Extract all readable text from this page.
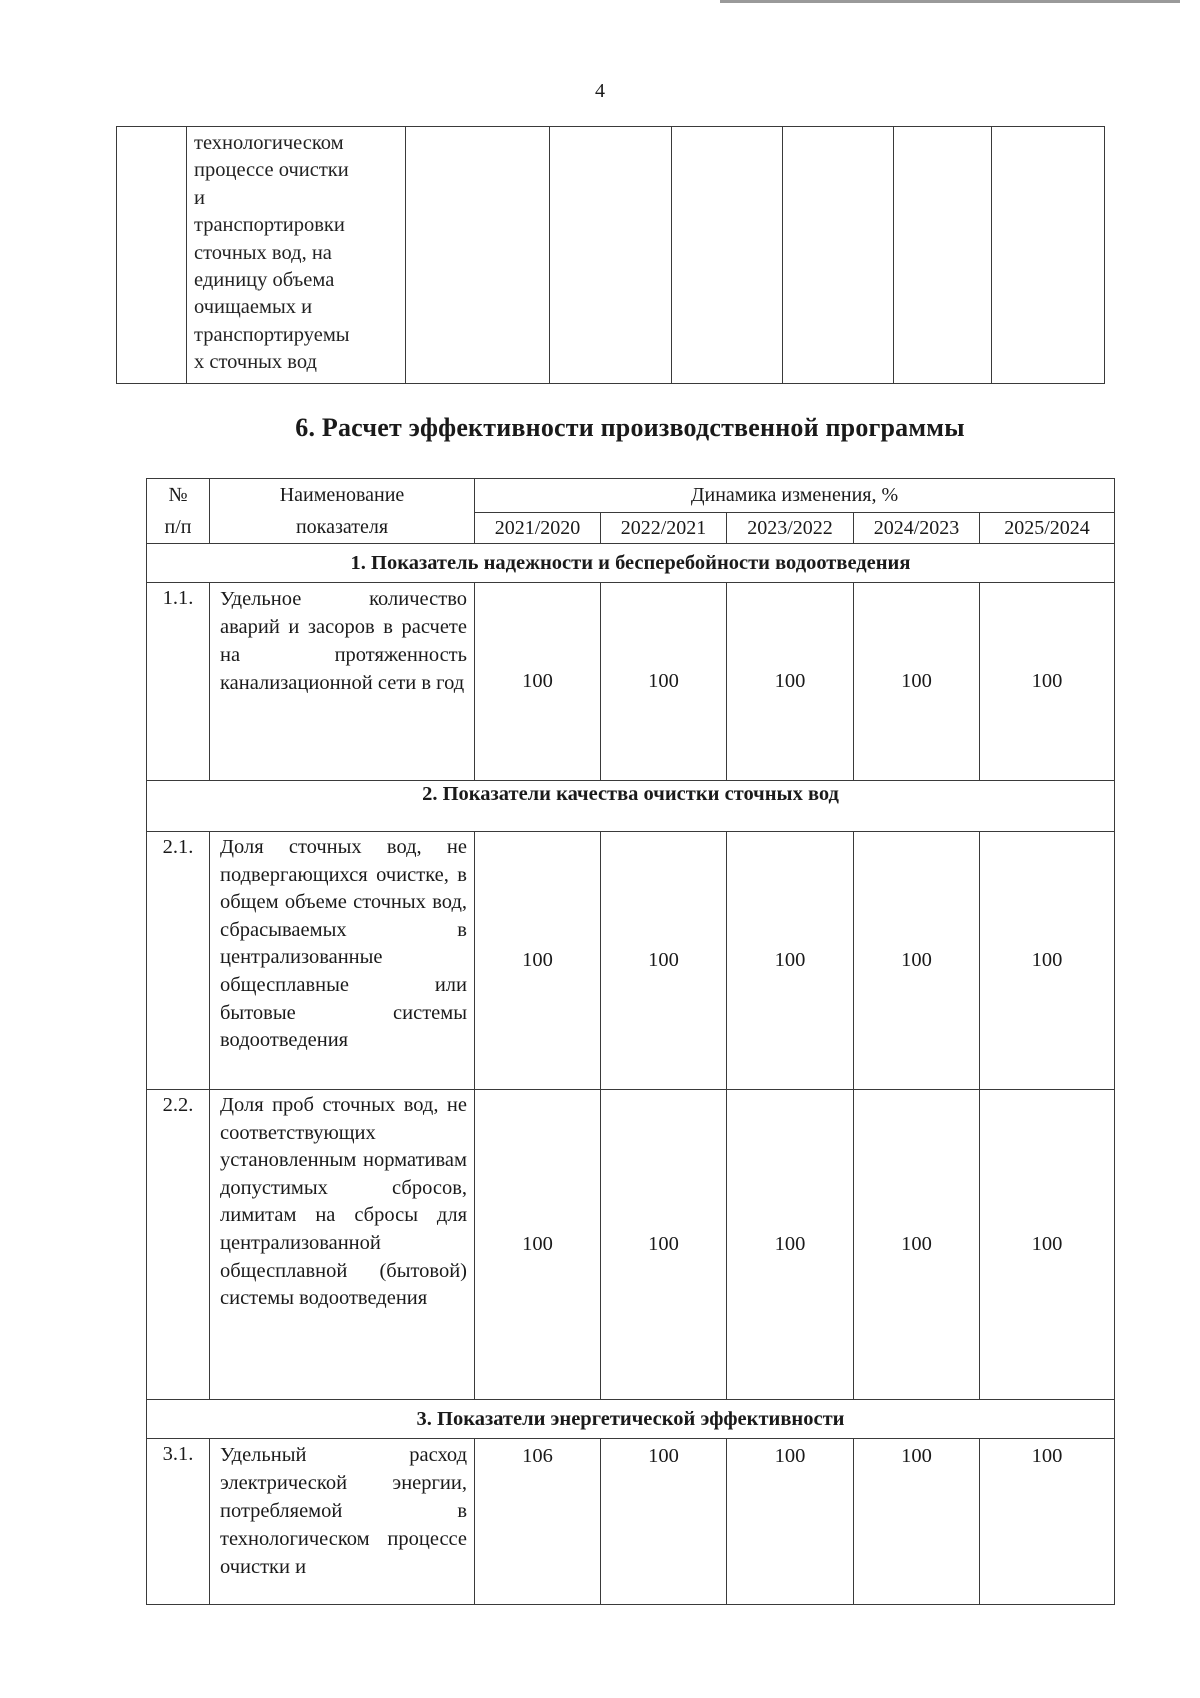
4

технологическом
процессе очистки
и
транспортировки
сточных вод, на
единицу объема
очищаемых и
транспортируемы
х сточных вод

6. Расчет эффективности производственной программы
№	Наименование	Динамика изменения, %				
п/п	показателя	2021/2020	2022/2021	2023/2022	2024/2023	2025/2024
1. Показатель надежности и бесперебойности водоотведения						
1.1.	Удельное количество аварий и засоров в расчете на протяженность канализационной сети в год	100	100	100	100	100
2. Показатели качества очистки сточных вод						
2.1.	Доля сточных вод, не подвергающихся очистке, в общем объеме сточных вод, сбрасываемых в централизованные общесплавные или бытовые системы водоотведения	100	100	100	100	100
2.2.	Доля проб сточных вод, не соответствующих установленным нормативам допустимых сбросов, лимитам на сбросы для централизованной общесплавной (бытовой) системы водоотведения	100	100	100	100	100
3. Показатели энергетической эффективности						
3.1.	Удельный расход электрической энергии, потребляемой в технологическом процессе очистки и	106	100	100	100	100
